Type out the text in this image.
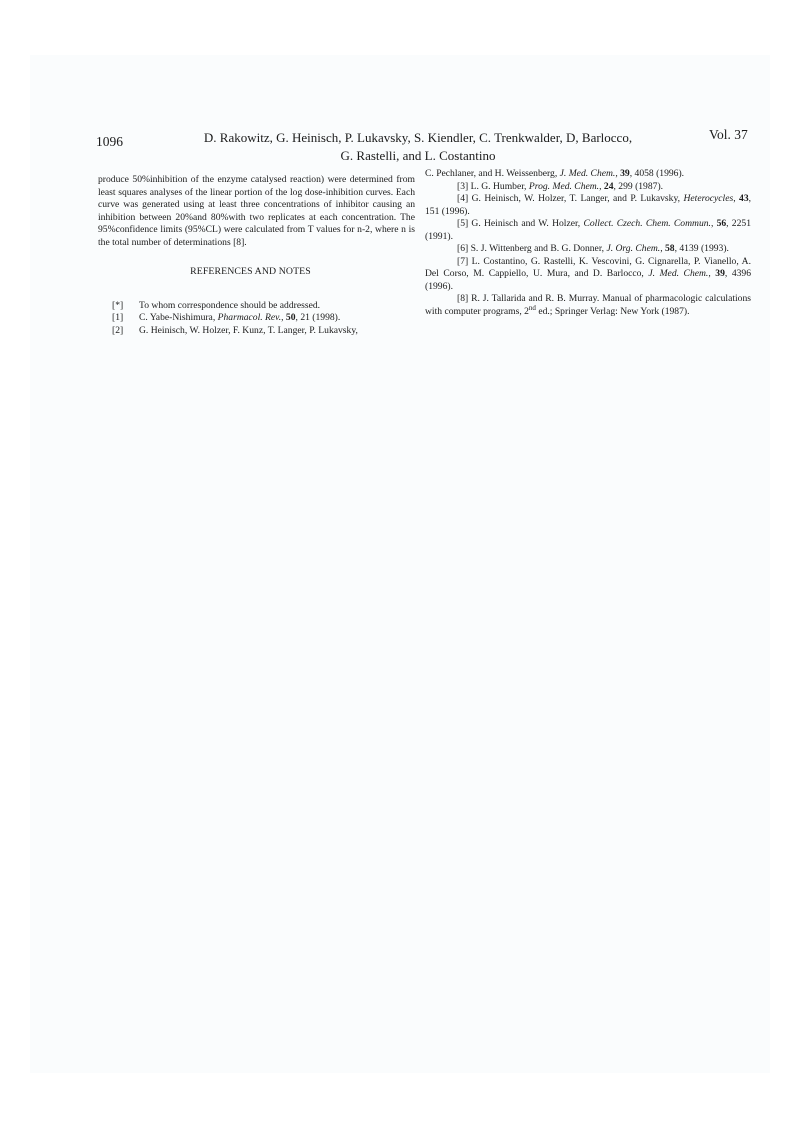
1096	D. Rakowitz, G. Heinisch, P. Lukavsky, S. Kiendler, C. Trenkwalder, D, Barlocco,
G. Rastelli, and L. Costantino
Vol. 37

produce 50%inhibition of the enzyme catalysed reaction) were determined from least squares analyses of the linear portion of the log dose-inhibition curves. Each curve was generated using at least three concentrations of inhibitor causing an inhibition between 20%and 80%with two replicates at each concentration. The 95%confidence limits (95%CL) were calculated from T values for n-2, where n is the total number of determinations [8].

REFERENCES AND NOTES
[*]	To whom correspondence should be addressed.
[1]	C. Yabe-Nishimura, Pharmacol. Rev., 50, 21 (1998).
[2]	G. Heinisch, W. Holzer, F. Kunz, T. Langer, P. Lukavsky,

C. Pechlaner, and H. Weissenberg, J. Med. Chem., 39, 4058 (1996).

[3] L. G. Humber, Prog. Med. Chem., 24, 299 (1987).

[4] G. Heinisch, W. Holzer, T. Langer, and P. Lukavsky, Heterocycles, 43, 151 (1996).

[5] G. Heinisch and W. Holzer, Collect. Czech. Chem. Commun., 56, 2251 (1991).

[6] S. J. Wittenberg and B. G. Donner, J. Org. Chem., 58, 4139 (1993).

[7] L. Costantino, G. Rastelli, K. Vescovini, G. Cignarella, P. Vianello, A. Del Corso, M. Cappiello, U. Mura, and D. Barlocco, J. Med. Chem., 39, 4396 (1996).

[8] R. J. Tallarida and R. B. Murray. Manual of pharmacologic calculations with computer programs, 2nd ed.; Springer Verlag: New York (1987).
